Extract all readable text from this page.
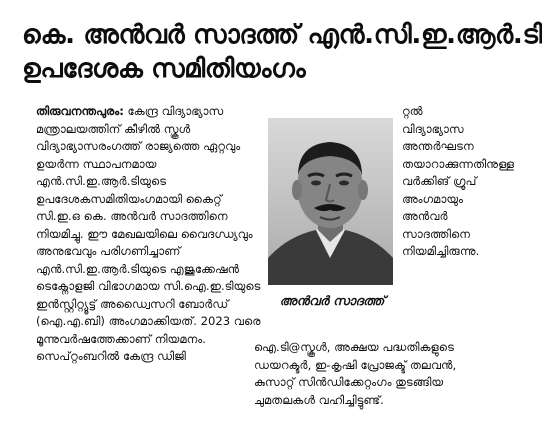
കെ. അൻവർ സാദത്ത് എൻ.സി.ഇ.ആർ.ടി
ഉപദേശക സമിതിയംഗം

തിരുവനന്തപുരം: കേന്ദ്ര വിദ്യാഭ്യാസ മന്ത്രാലയത്തിന് കീഴിൽ സ്കൂൾ വിദ്യാഭ്യാസരംഗത്ത് രാജ്യത്തെ ഏറ്റവും ഉയർന്ന സ്ഥാപനമായ എൻ.സി.ഇ.ആർ.ടിയുടെ ഉപദേശകസമിതിയംഗമായി കൈറ്റ് സി.ഇ.ഒ കെ. അൻവർ സാദത്തിനെ നിയമിച്ചു. ഈ മേഖലയിലെ വൈദഗ്ധ്യവും അനുഭവവും പരിഗണിച്ചാണ് എൻ.സി.ഇ.ആർ.ടിയുടെ എജുക്കേഷൻ ടെക്നോളജി വിഭാഗമായ സി.ഐ.ഇ.ടിയുടെ ഇൻസ്റ്റിറ്റ്യൂട്ട് അഡ്വൈസറി ബോർഡ് (ഐ.എ.ബി) അംഗമാക്കിയത്. 2023 വരെ മൂന്നുവർഷത്തേക്കാണ് നിയമനം. സെപ്റ്റംബറിൽ കേന്ദ്ര ഡിജി

അൻവർ സാദത്ത്

റ്റൽ വിദ്യാഭ്യാസ അന്തർഘടന തയാറാക്കുന്നതിനുള്ള വർക്കിങ് ഗ്രൂപ് അംഗമായും അൻവർ സാദത്തിനെ നിയമിച്ചിരുന്നു.

ഐ.ടി@സ്കൂൾ, അക്ഷയ പദ്ധതികളുടെ ഡയറക്ടർ, ഇ-കൃഷി പ്രോജക്ട് തലവൻ, കുസാറ്റ് സിൻഡിക്കേറ്റംഗം തുടങ്ങിയ ചുമതലകൾ വഹിച്ചിട്ടുണ്ട്.
